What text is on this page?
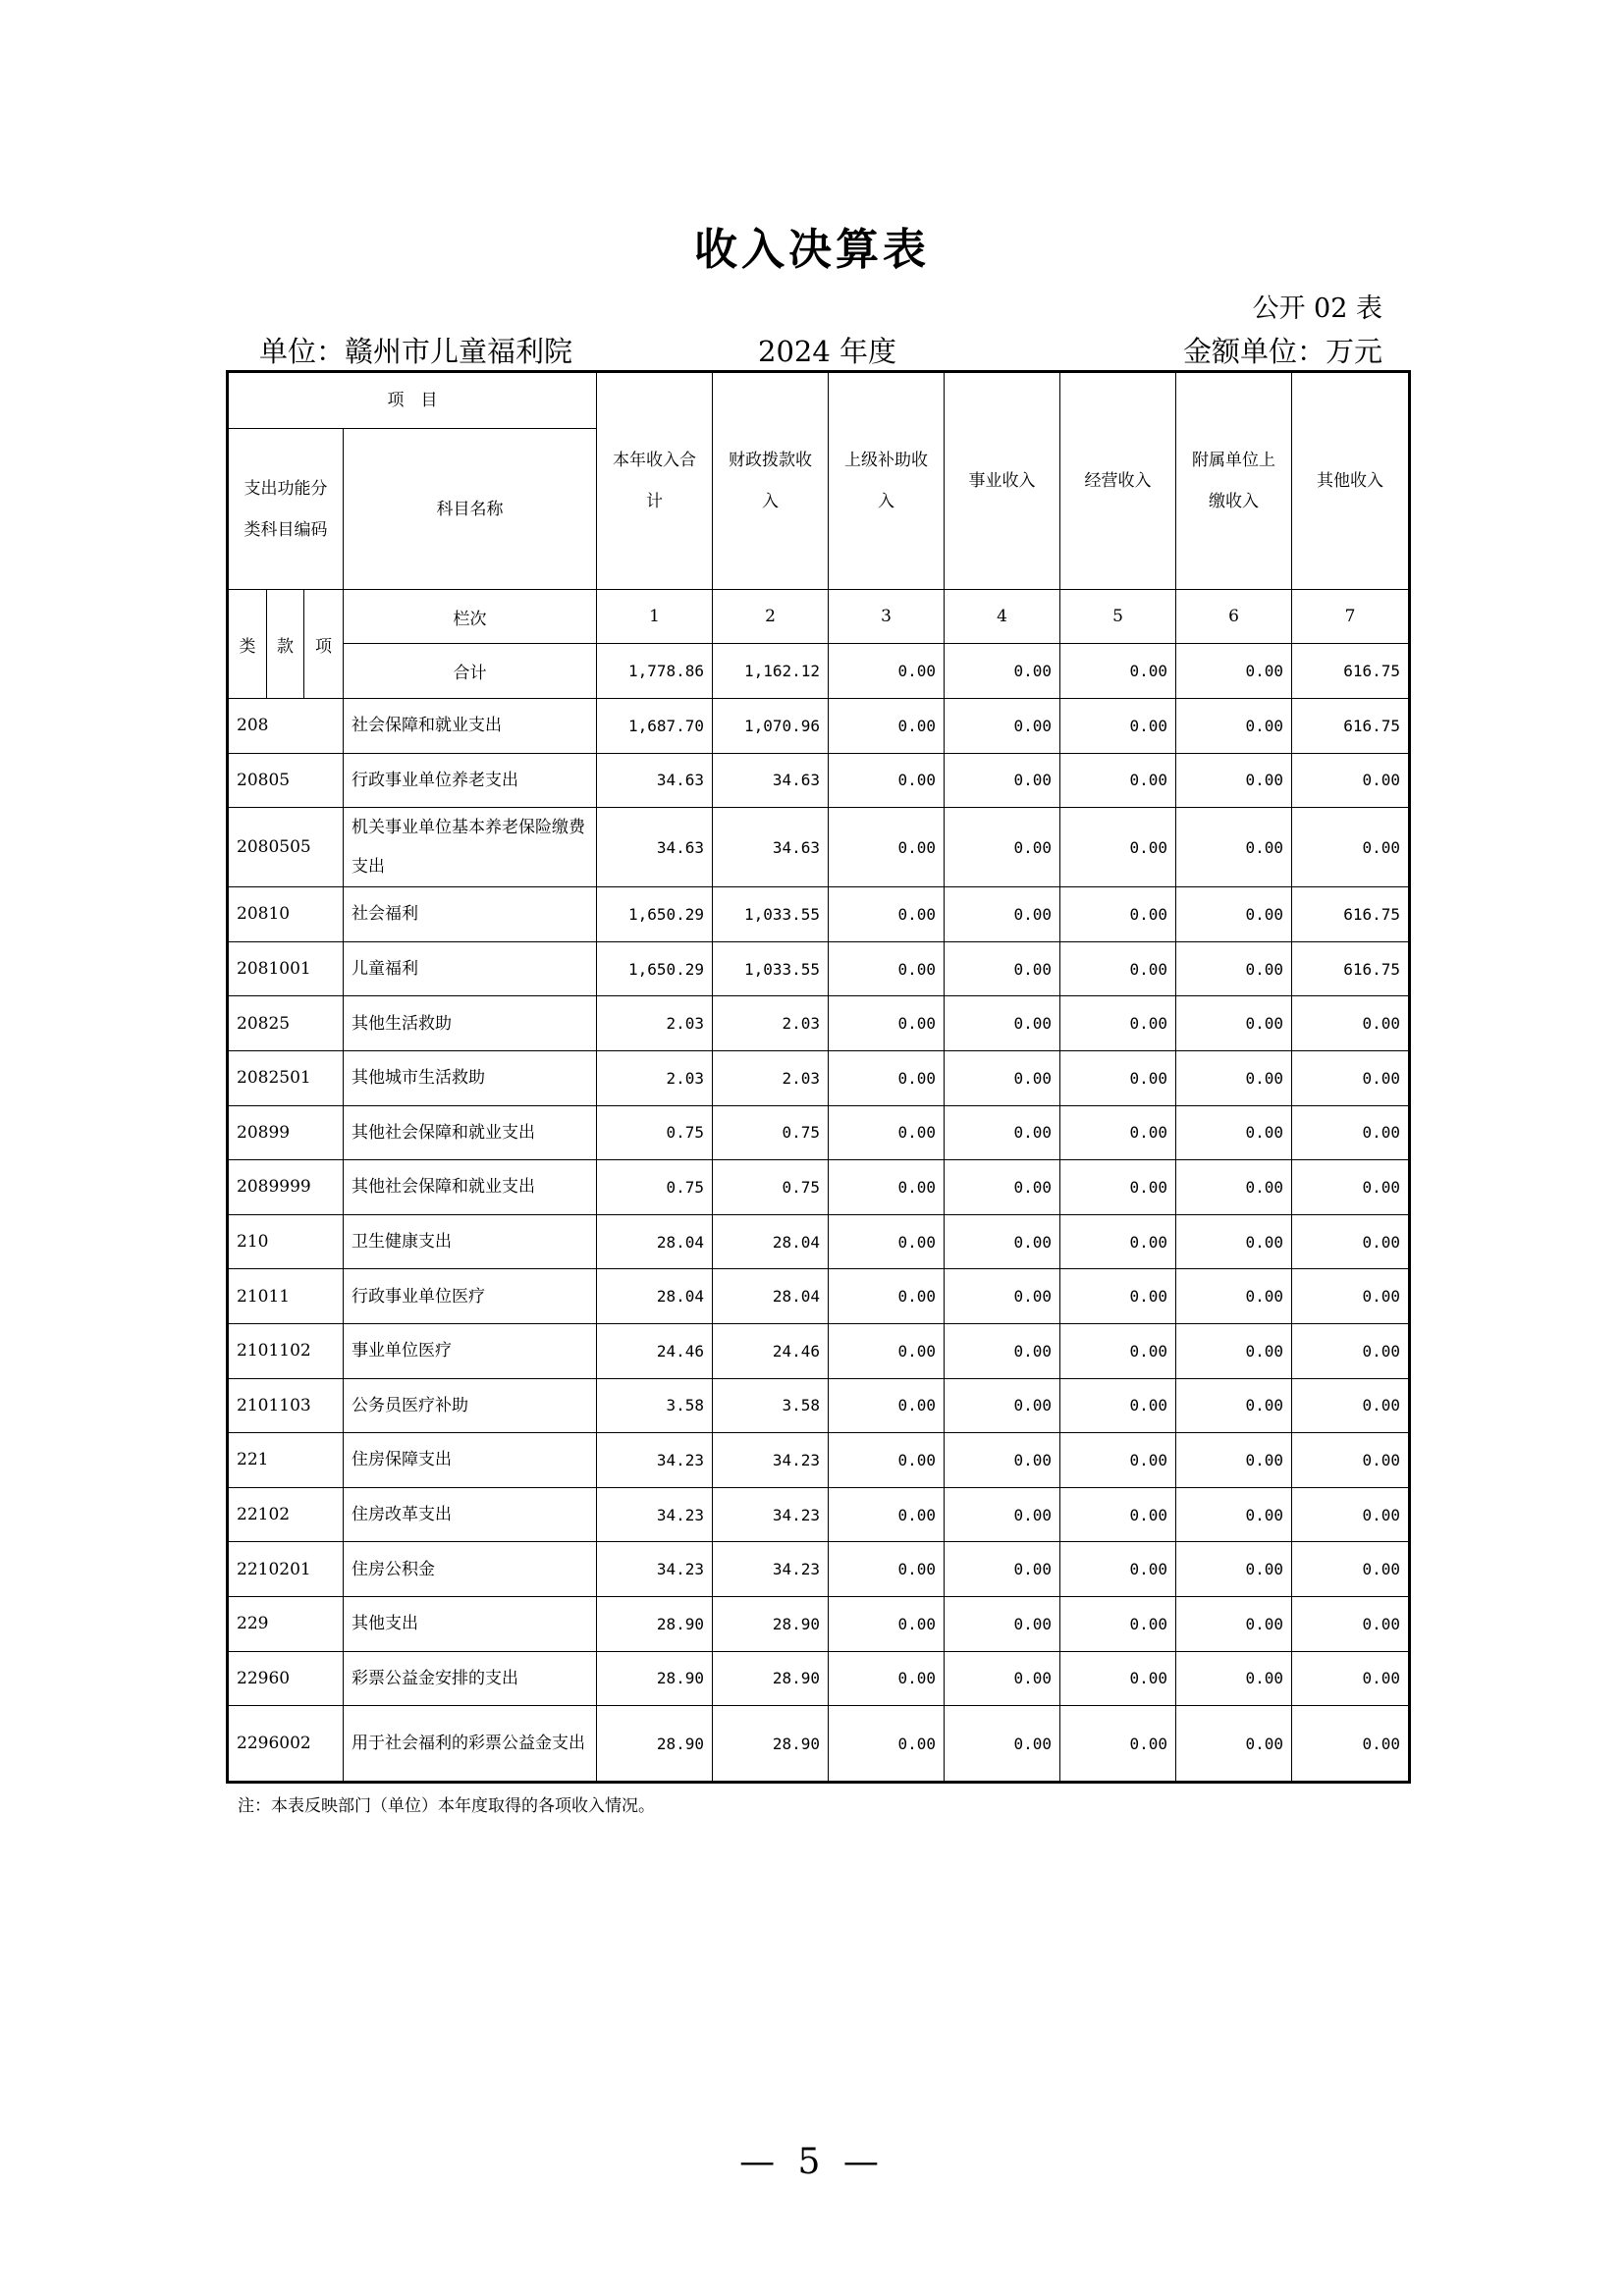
收入决算表
公开 02 表
单位：赣州市儿童福利院	2024 年度	金额单位：万元
项　目				本年收入合计	财政拨款收入	上级补助收入	事业收入	经营收入	附属单位上缴收入	其他收入
支出功能分类科目编码			科目名称							
类	款	项	栏次	1	2	3	4	5	6	7
			合计	1,778.86	1,162.12	0.00	0.00	0.00	0.00	616.75
208			社会保障和就业支出	1,687.70	1,070.96	0.00	0.00	0.00	0.00	616.75
20805			行政事业单位养老支出	34.63	34.63	0.00	0.00	0.00	0.00	0.00
2080505			机关事业单位基本养老保险缴费支出	34.63	34.63	0.00	0.00	0.00	0.00	0.00
20810			社会福利	1,650.29	1,033.55	0.00	0.00	0.00	0.00	616.75
2081001			儿童福利	1,650.29	1,033.55	0.00	0.00	0.00	0.00	616.75
20825			其他生活救助	2.03	2.03	0.00	0.00	0.00	0.00	0.00
2082501			其他城市生活救助	2.03	2.03	0.00	0.00	0.00	0.00	0.00
20899			其他社会保障和就业支出	0.75	0.75	0.00	0.00	0.00	0.00	0.00
2089999			其他社会保障和就业支出	0.75	0.75	0.00	0.00	0.00	0.00	0.00
210			卫生健康支出	28.04	28.04	0.00	0.00	0.00	0.00	0.00
21011			行政事业单位医疗	28.04	28.04	0.00	0.00	0.00	0.00	0.00
2101102			事业单位医疗	24.46	24.46	0.00	0.00	0.00	0.00	0.00
2101103			公务员医疗补助	3.58	3.58	0.00	0.00	0.00	0.00	0.00
221			住房保障支出	34.23	34.23	0.00	0.00	0.00	0.00	0.00
22102			住房改革支出	34.23	34.23	0.00	0.00	0.00	0.00	0.00
2210201			住房公积金	34.23	34.23	0.00	0.00	0.00	0.00	0.00
229			其他支出	28.90	28.90	0.00	0.00	0.00	0.00	0.00
22960			彩票公益金安排的支出	28.90	28.90	0.00	0.00	0.00	0.00	0.00
2296002			用于社会福利的彩票公益金支出	28.90	28.90	0.00	0.00	0.00	0.00	0.00
注：本表反映部门（单位）本年度取得的各项收入情况。
— 5 —
